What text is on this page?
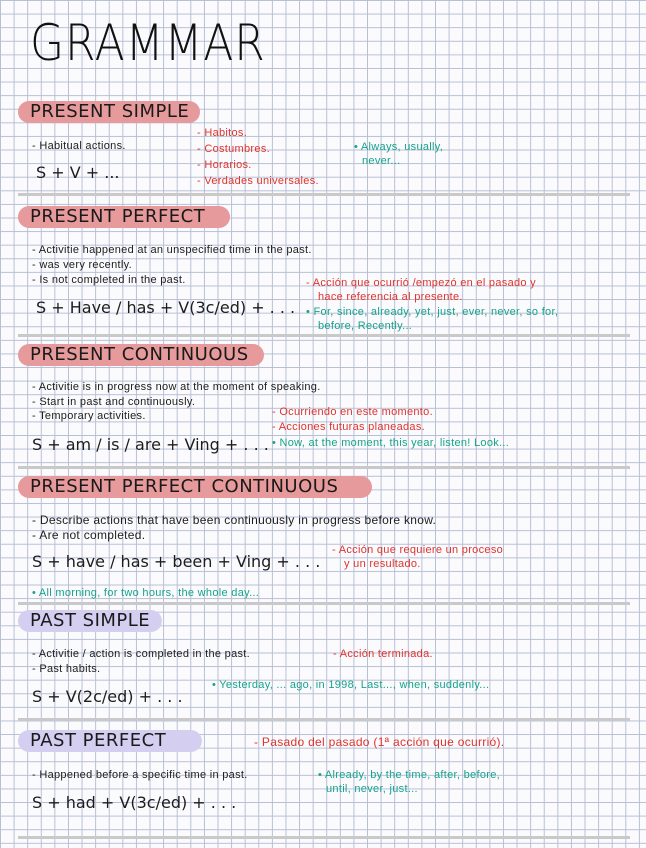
GRAMMAR
PRESENT SIMPLE
- Habitual actions.
S + V + ...
- Habitos.
- Costumbres.
- Horarios.
- Verdades universales.
• Always, usually,
never...
PRESENT PERFECT
- Activitie happened at an unspecified time in the past.
- was very recently.
- Is not completed in the past.
S + Have / has + V(3c/ed) + . . .
- Acción que ocurrió /empezó en el pasado y
hace referencia al presente.
• For, since, already, yet, just, ever, never, so for,
before, Recently...
PRESENT CONTINUOUS
- Activitie is in progress now at the moment of speaking.
- Start in past and continuously.
- Temporary activities.
S + am / is / are + Ving + . . .
- Ocurriendo en este momento.
- Acciones futuras planeadas.
• Now, at the moment, this year, listen! Look...
PRESENT PERFECT CONTINUOUS
- Describe actions that have been continuously in progress before know.
- Are not completed.
S + have / has + been + Ving + . . .
- Acción que requiere un proceso
y un resultado.
• All morning, for two hours, the whole day...
PAST SIMPLE
- Activitie / action is completed in the past.
- Past habits.
S + V(2c/ed) + . . .
- Acción terminada.
• Yesterday, ... ago, in 1998, Last..., when, suddenly...
PAST PERFECT	- Pasado del pasado (1ª acción que ocurrió).
- Happened before a specific time in past.
S + had + V(3c/ed) + . . .
• Already, by the time, after, before,
until, never, just...
